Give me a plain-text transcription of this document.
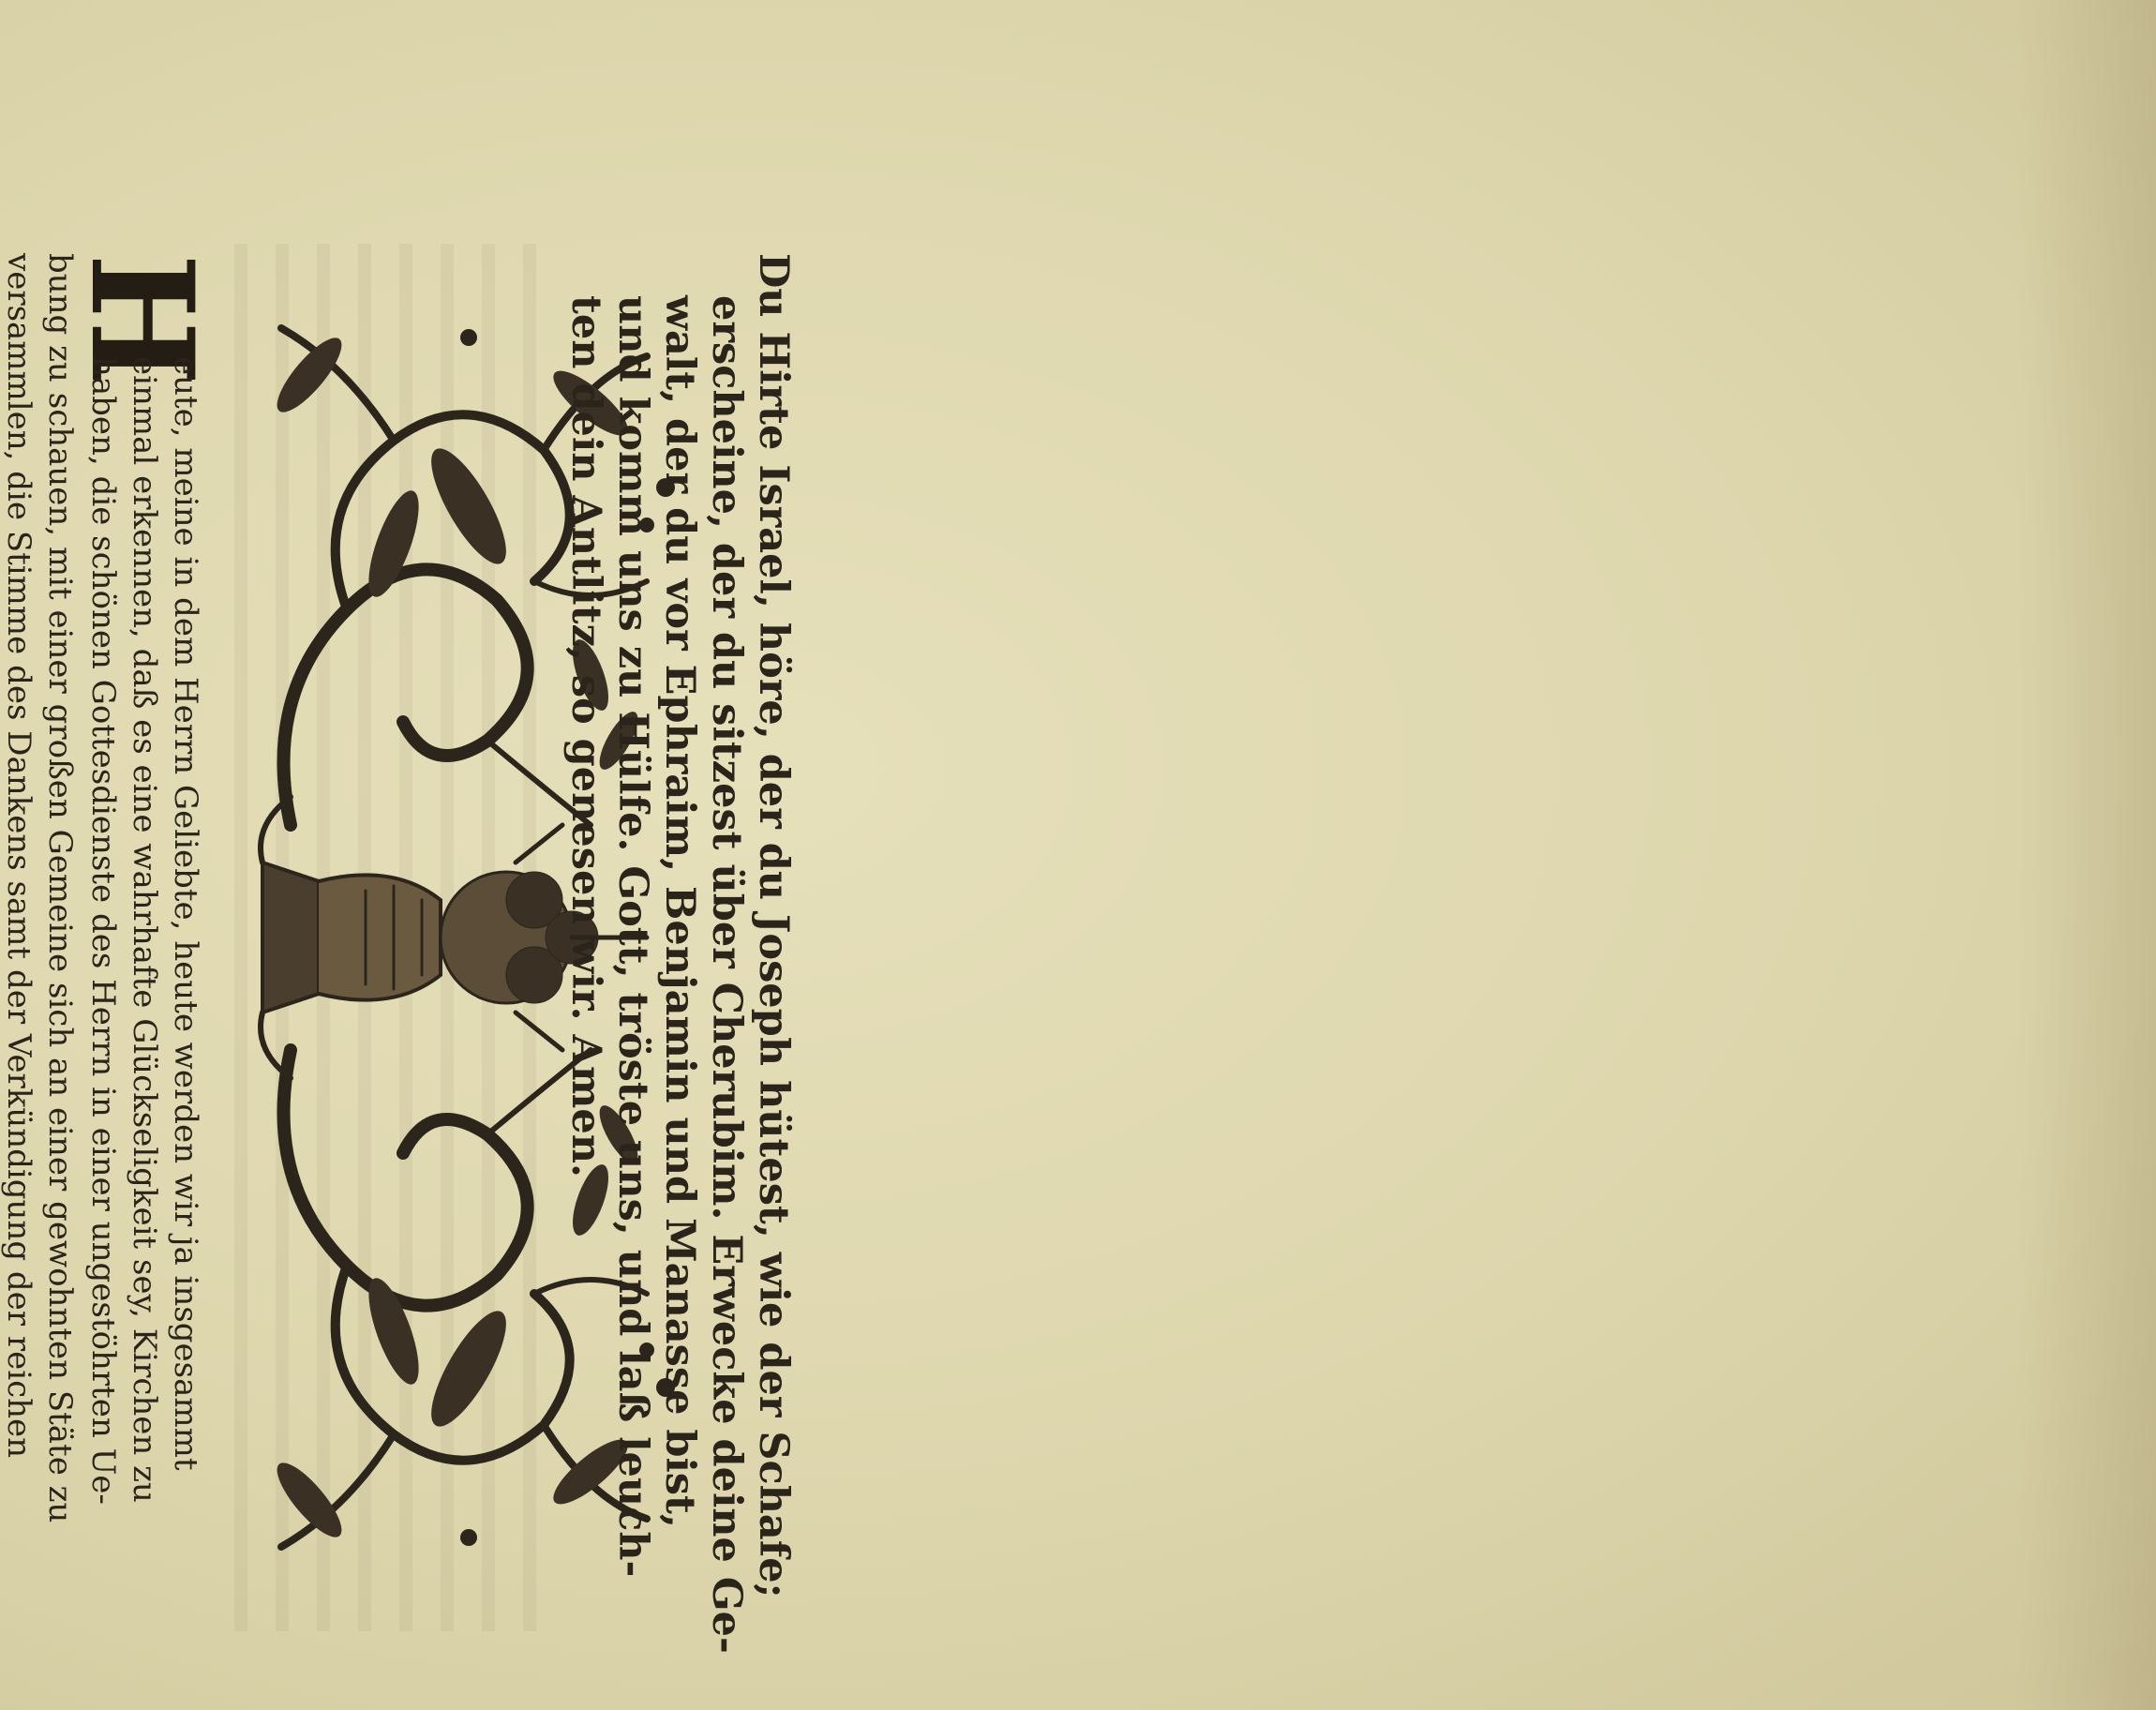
Du Hirte Israel, höre, der du Joseph hütest, wie der Schafe;
erscheine, der du sitzest über Cherubim. Erwecke deine Ge-
walt, der du vor Ephraim, Benjamin und Manasse bist,
und komm uns zu Hülfe. Gott, tröste uns, und laß leuch-
ten dein Antlitz, so genesen wir. Amen.
H
eute, meine in dem Herrn Geliebte, heute werden wir ja insgesammt
einmal erkennen, daß es eine wahrhafte Glückseligkeit sey, Kirchen zu
haben, die schönen Gottesdienste des Herrn in einer ungestöhrten Ue-
bung zu schauen, mit einer großen Gemeine sich an einer gewohnten Stäte zu
versammlen, die Stimme des Dankens samt der Verkündigung der reichen
